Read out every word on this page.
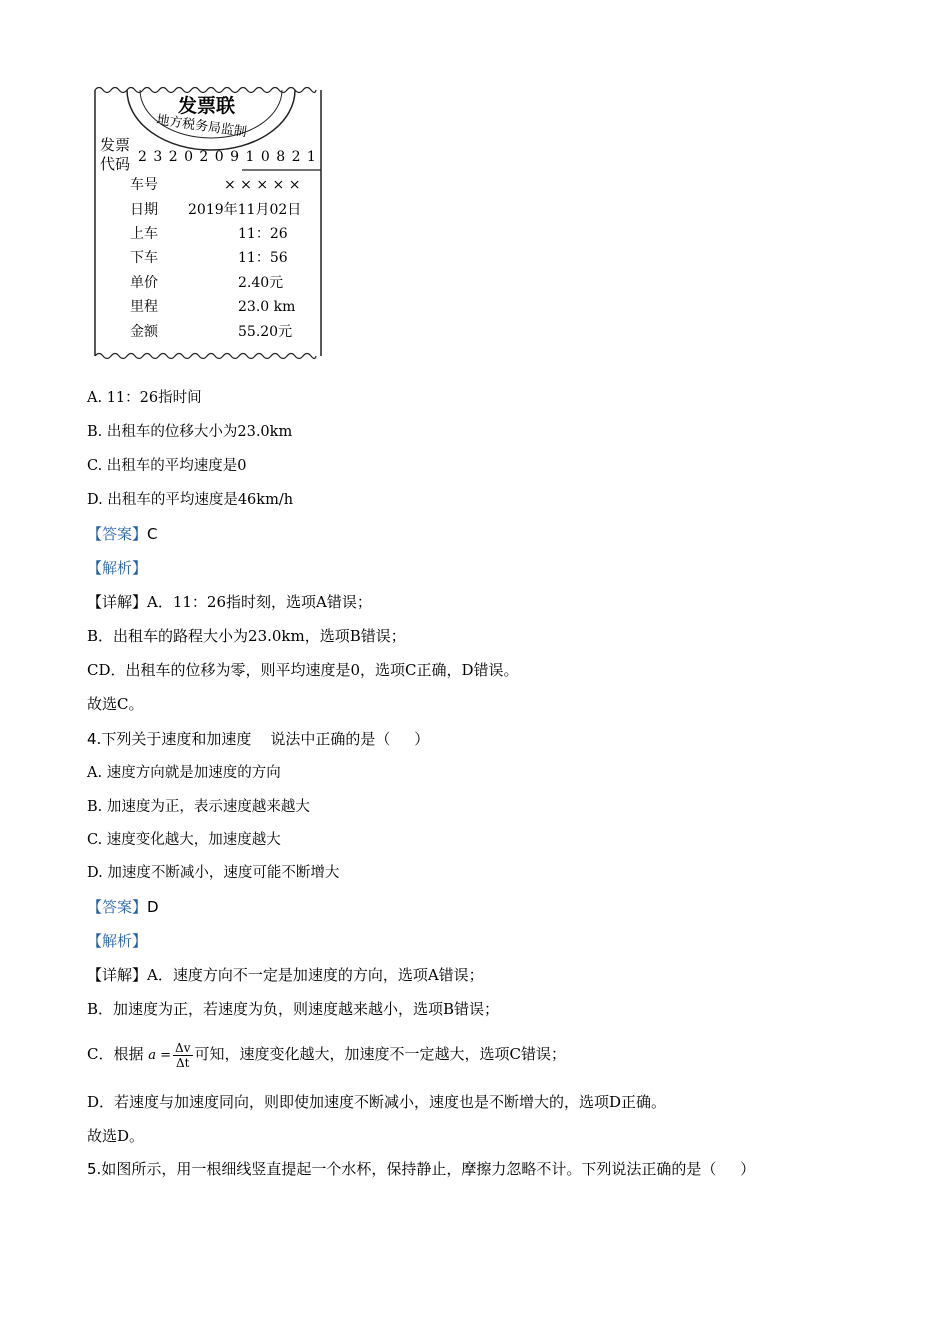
发票联
地方税务局监制
发票
代码 2 3 2 0 2 0 9 1 0 8 2 1
车号	× × × × ×
日期 2019年11月02日
上车	11：26
下车	11：56
单价	2.40元
里程	23.0 km
金额	55.20元
A. 11：26指时间
B. 出租车的位移大小为23.0km
C. 出租车的平均速度是0
D. 出租车的平均速度是46km/h
【答案】C
【解析】
【详解】A．11：26指时刻，选项A错误；
B．出租车的路程大小为23.0km，选项B错误；
CD．出租车的位移为零，则平均速度是0，选项C正确，D错误。
故选C。
4.下列关于速度和加速度    说法中正确的是（     ）
A. 速度方向就是加速度的方向
B. 加速度为正，表示速度越来越大
C. 速度变化越大，加速度越大
D. 加速度不断减小，速度可能不断增大
【答案】D
【解析】
【详解】A．速度方向不一定是加速度的方向，选项A错误；
B．加速度为正，若速度为负，则速度越来越小，选项B错误；
C．根据 $a = \frac{\Delta v}{\Delta t}$ 可知，速度变化越大，加速度不一定越大，选项C错误；
D．若速度与加速度同向，则即使加速度不断减小，速度也是不断增大的，选项D正确。
故选D。
5.如图所示，用一根细线竖直提起一个水杯，保持静止，摩擦力忽略不计。下列说法正确的是（     ）
